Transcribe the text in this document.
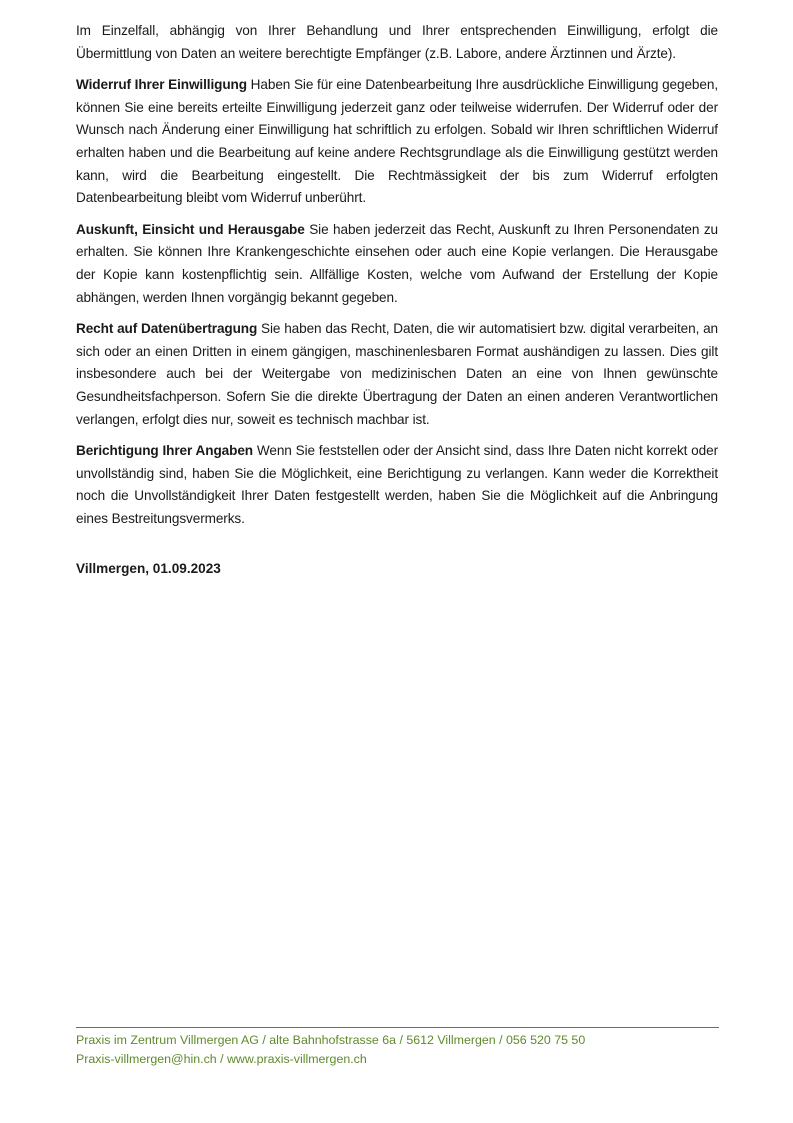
Im Einzelfall, abhängig von Ihrer Behandlung und Ihrer entsprechenden Einwilligung, erfolgt die Übermittlung von Daten an weitere berechtigte Empfänger (z.B. Labore, andere Ärztinnen und Ärzte).

Widerruf Ihrer Einwilligung Haben Sie für eine Datenbearbeitung Ihre ausdrückliche Einwilligung gegeben, können Sie eine bereits erteilte Einwilligung jederzeit ganz oder teilweise widerrufen. Der Widerruf oder der Wunsch nach Änderung einer Einwilligung hat schriftlich zu erfolgen. Sobald wir Ihren schriftlichen Widerruf erhalten haben und die Bearbeitung auf keine andere Rechtsgrundlage als die Einwilligung gestützt werden kann, wird die Bearbeitung eingestellt. Die Rechtmässigkeit der bis zum Widerruf erfolgten Datenbearbeitung bleibt vom Widerruf unberührt.

Auskunft, Einsicht und Herausgabe Sie haben jederzeit das Recht, Auskunft zu Ihren Personendaten zu erhalten. Sie können Ihre Krankengeschichte einsehen oder auch eine Kopie verlangen. Die Herausgabe der Kopie kann kostenpflichtig sein. Allfällige Kosten, welche vom Aufwand der Erstellung der Kopie abhängen, werden Ihnen vorgängig bekannt gegeben.

Recht auf Datenübertragung Sie haben das Recht, Daten, die wir automatisiert bzw. digital verarbeiten, an sich oder an einen Dritten in einem gängigen, maschinenlesbaren Format aushändigen zu lassen. Dies gilt insbesondere auch bei der Weitergabe von medizinischen Daten an eine von Ihnen gewünschte Gesundheitsfachperson. Sofern Sie die direkte Übertragung der Daten an einen anderen Verantwortlichen verlangen, erfolgt dies nur, soweit es technisch machbar ist.

Berichtigung Ihrer Angaben Wenn Sie feststellen oder der Ansicht sind, dass Ihre Daten nicht korrekt oder unvollständig sind, haben Sie die Möglichkeit, eine Berichtigung zu verlangen. Kann weder die Korrektheit noch die Unvollständigkeit Ihrer Daten festgestellt werden, haben Sie die Möglichkeit auf die Anbringung eines Bestreitungsvermerks.

Villmergen, 01.09.2023
Praxis im Zentrum Villmergen AG / alte Bahnhofstrasse 6a / 5612 Villmergen / 056 520 75 50
Praxis-villmergen@hin.ch / www.praxis-villmergen.ch
